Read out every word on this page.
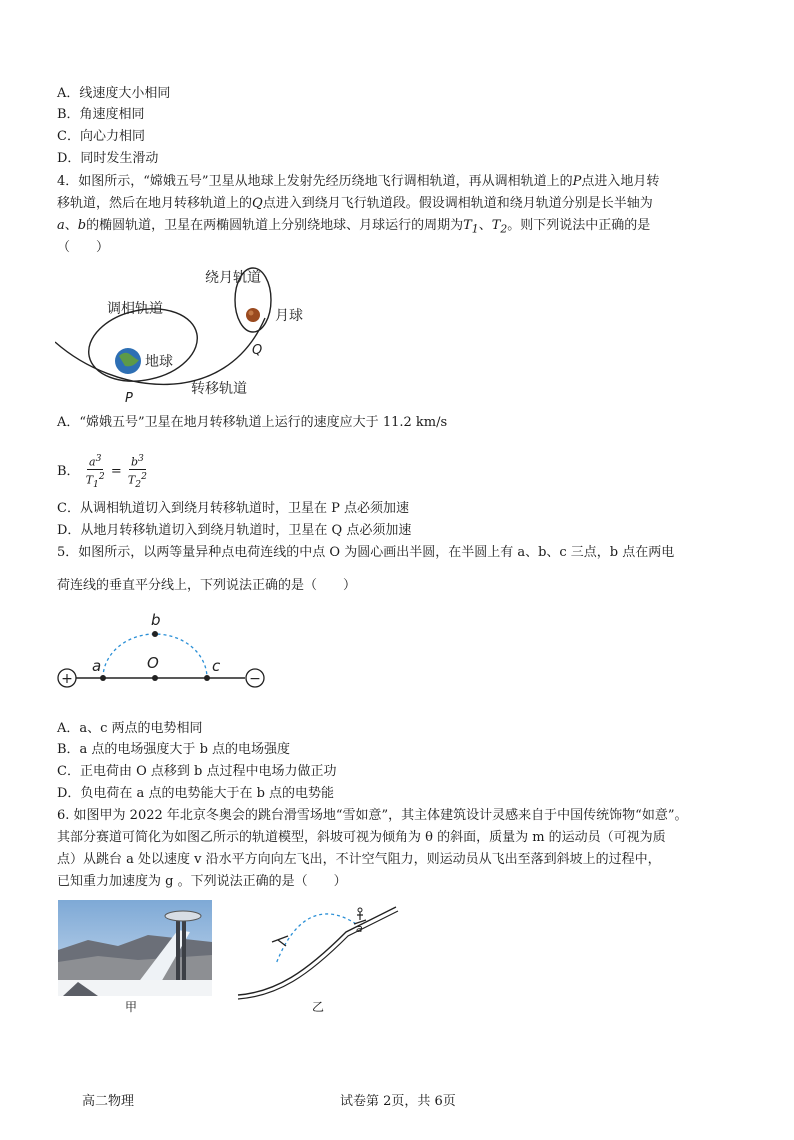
A．线速度大小相同
B．角速度相同
C．向心力相同
D．同时发生滑动
4．如图所示，“嫦娥五号”卫星从地球上发射先经历绕地飞行调相轨道，再从调相轨道上的P点进入地月转
移轨道，然后在地月转移轨道上的Q点进入到绕月飞行轨道段。假设调相轨道和绕月轨道分别是长半轴为
a、b的椭圆轨道，卫星在两椭圆轨道上分别绕地球、月球运行的周期为$T_1$、$T_2$。则下列说法中正确的是
（　　）
绕月轨道
调相轨道	月球
地球
转移轨道
P
Q
A．“嫦娥五号”卫星在地月转移轨道上运行的速度应大于 11.2 km/s
B． $\frac{a^3}{T_1^2} = \frac{b^3}{T_2^2}$
C．从调相轨道切入到绕月转移轨道时，卫星在 P 点必须加速
D．从地月转移轨道切入到绕月轨道时，卫星在 Q 点必须加速
5．如图所示，以两等量异种点电荷连线的中点 O 为圆心画出半圆，在半圆上有 a、b、c 三点，b 点在两电
荷连线的垂直平分线上，下列说法正确的是（　　）
+	−
a
b
O	c
A．a、c 两点的电势相同
B．a 点的电场强度大于 b 点的电场强度
C．正电荷由 O 点移到 b 点过程中电场力做正功
D．负电荷在 a 点的电势能大于在 b 点的电势能
6. 如图甲为 2022 年北京冬奥会的跳台滑雪场地“雪如意”，其主体建筑设计灵感来自于中国传统饰物“如意”。
其部分赛道可简化为如图乙所示的轨道模型，斜坡可视为倾角为 θ 的斜面，质量为 m 的运动员（可视为质
点）从跳台 a 处以速度 v 沿水平方向向左飞出，不计空气阻力，则运动员从飞出至落到斜坡上的过程中，
已知重力加速度为 g 。下列说法正确的是（　　）
甲
a
乙
高二物理	试卷第 2页，共 6页
